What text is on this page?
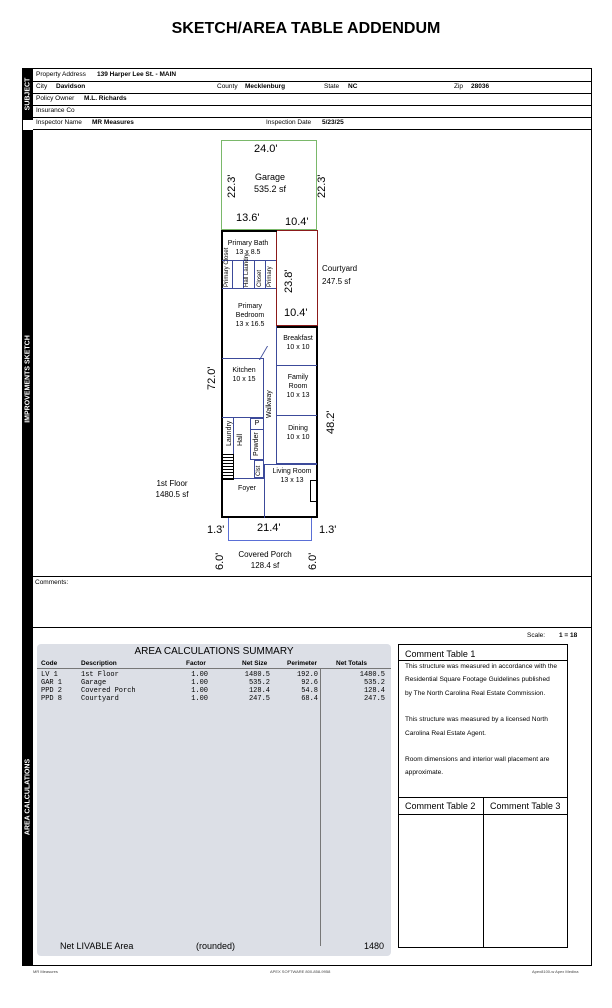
SKETCH/AREA TABLE ADDENDUM
SUBJECT
IMPROVEMENTS SKETCH
AREA CALCULATIONS
Property Address 139 Harper Lee St. - MAIN
City Davidson	County Mecklenburg	State NC	Zip 28036
Policy Owner M.L. Richards
Insurance Co
Inspector Name MR Measures	Inspection Date 5/23/25
24.0'
Garage
535.2 sf
22.3'	22.3'
13.6' 10.4'
23.8'
10.4'
Courtyard
247.5 sf
Primary Bath
13 x 8.5
Primary Closet Hall Laundry Closet Primary
Primary Bedroom
13 x 16.5
Breakfast
10 x 10
Kitchen
10 x 15
Walkway
Family Room
10 x 13
Dining
10 x 10
Laundry Hall
P
Powder
Clst	Living Room
13 x 13
Foyer
72.0'
48.2'
1st Floor
1480.5 sf
21.4'
1.3'	1.3'
6.0'	6.0'
Covered Porch
128.4 sf
Comments:
Scale: 1 = 18
AREA CALCULATIONS SUMMARY
Code	Description	Factor	Net Size	Perimeter	Net Totals
LV 1	1st Floor	1.00	1480.5	192.0	1480.5
GAR 1	Garage	1.00	535.2	92.6	535.2
PPD 2	Covered Porch	1.00	128.4	54.8	128.4
PPD 8	Courtyard	1.00	247.5	68.4	247.5
Net LIVABLE Area	(rounded)	1480
Comment Table 1
This structure was measured in accordance with the
Residential Square Footage Guidelines published
by The North Carolina Real Estate Commission.
This structure was measured by a licensed North
Carolina Real Estate Agent.
Room dimensions and interior wall placement are
approximate.
Comment Table 2 Comment Table 3
MR Measures	APEX SOFTWARE 800-858-9958	Apex8100-w Apex Medina
